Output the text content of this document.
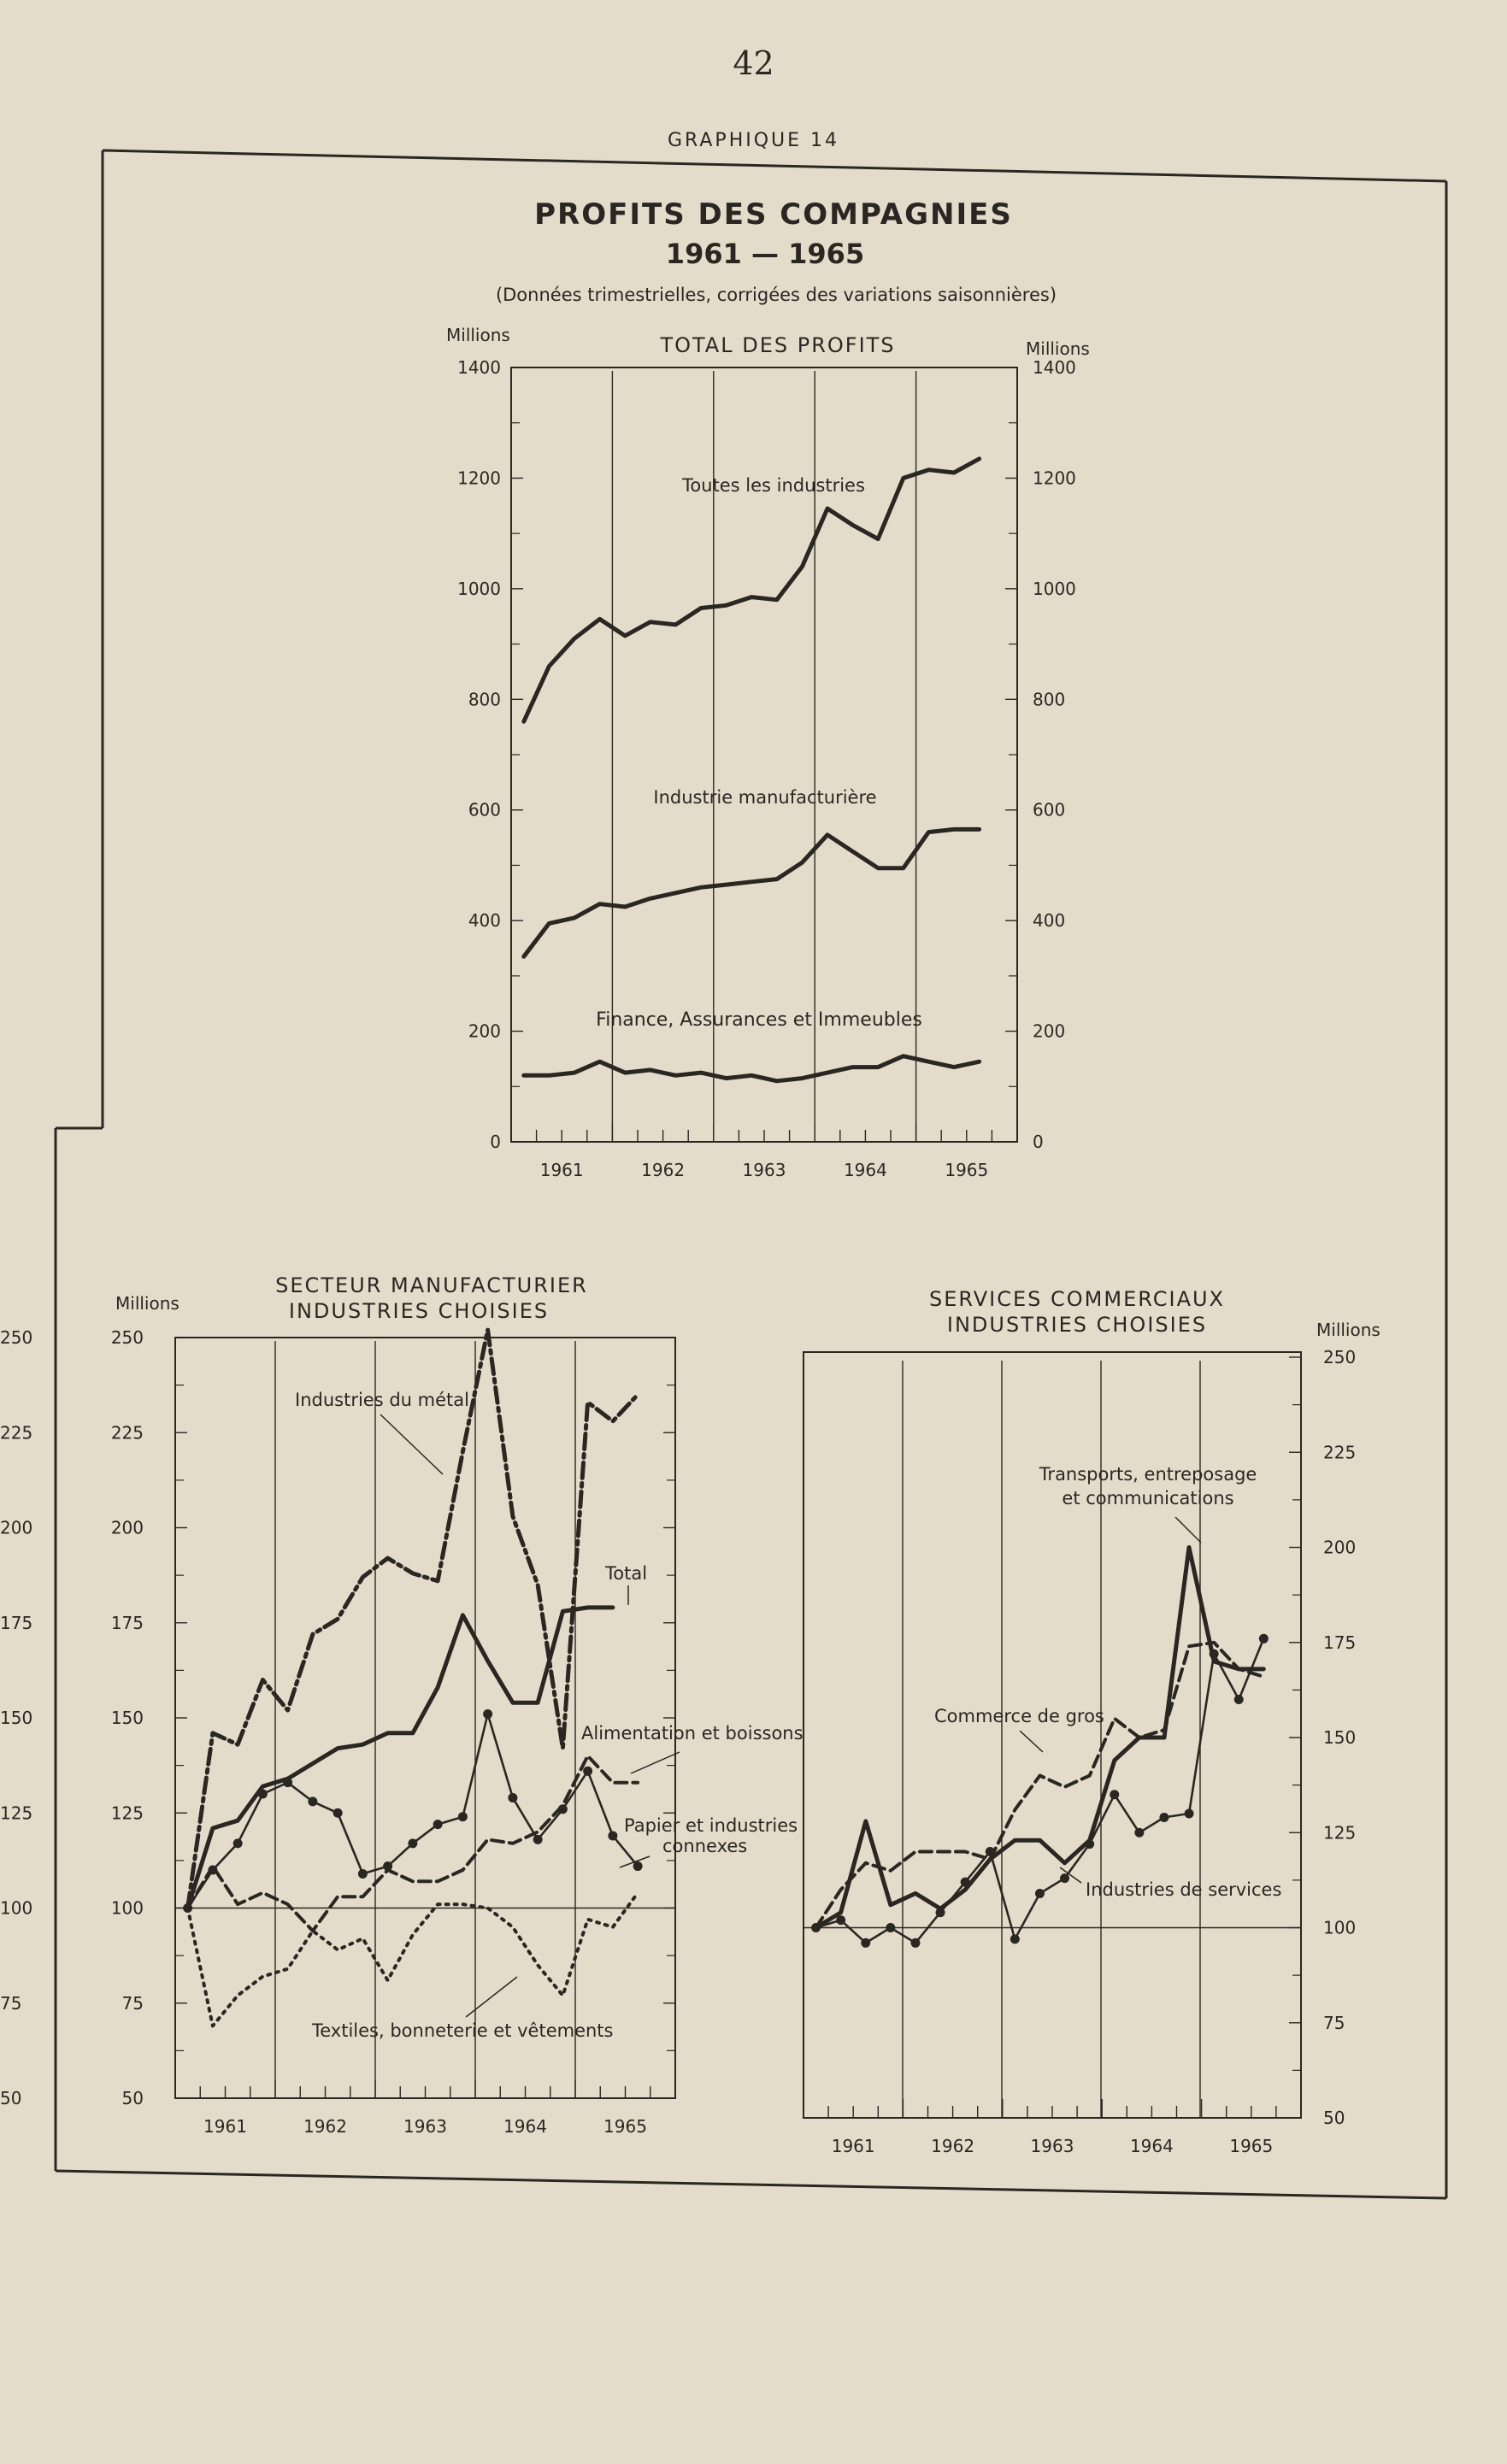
42
GRAPHIQUE 14
PROFITS DES COMPAGNIES
1961 — 1965
(Données trimestrielles, corrigées des variations saisonnières)
TOTAL DES PROFITS
Millions
Millions
SECTEUR MANUFACTURIER
INDUSTRIES CHOISIES
Millions	SERVICES COMMERCIAUX
INDUSTRIES CHOISIES	Millions
0	0
200	200
400	400
600	600
800	800
1000	1000
1200	1200
1400	1400
1961	1962	1963	1964	1965
50
50
75
75
100
100
125
125
150
150
175
175
200
200
225
225
250
250
1961	1962	1963	1964	1965	50
75
100
125
150
175
200
225
250
1961	1962	1963	1964	1965
Toutes les industries
Industrie manufacturière
Finance, Assurances et Immeubles
Industries du métal
Total
Alimentation et boissons
Papier et industries
connexes
Textiles, bonneterie et vêtements
Transports, entreposage
et communications
Commerce de gros
Industries de services
